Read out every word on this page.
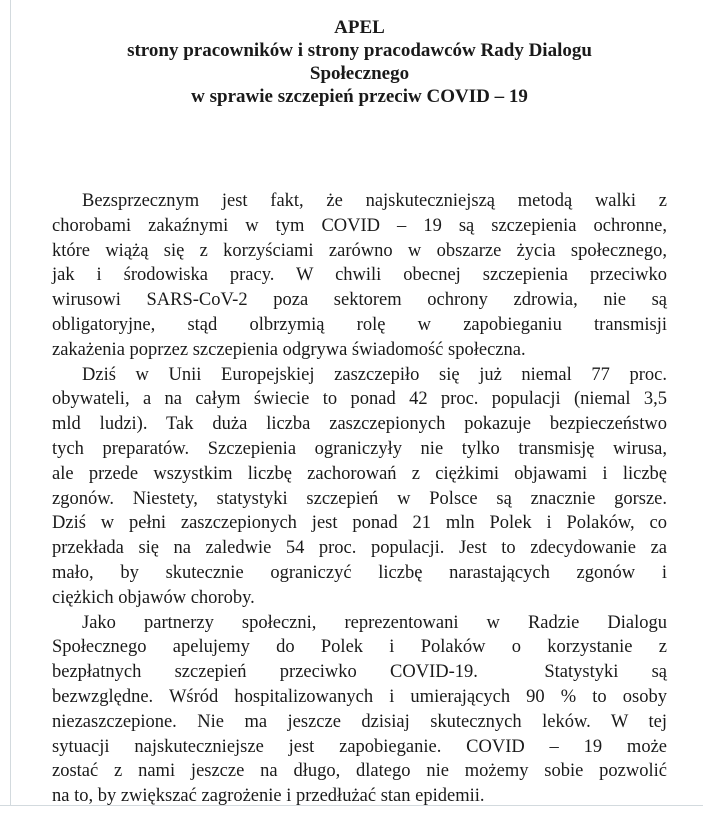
APEL
strony pracowników i strony pracodawców Rady Dialogu
Społecznego
w sprawie szczepień przeciw COVID – 19
Bezsprzecznym jest fakt, że najskuteczniejszą metodą walki z
chorobami zakaźnymi w tym COVID – 19 są szczepienia ochronne,
które wiążą się z korzyściami zarówno w obszarze życia społecznego,
jak i środowiska pracy. W chwili obecnej szczepienia przeciwko
wirusowi SARS-CoV-2 poza sektorem ochrony zdrowia, nie są
obligatoryjne, stąd olbrzymią rolę w zapobieganiu transmisji
zakażenia poprzez szczepienia odgrywa świadomość społeczna.
Dziś w Unii Europejskiej zaszczepiło się już niemal 77 proc.
obywateli, a na całym świecie to ponad 42 proc. populacji (niemal 3,5
mld ludzi). Tak duża liczba zaszczepionych pokazuje bezpieczeństwo
tych preparatów. Szczepienia ograniczyły nie tylko transmisję wirusa,
ale przede wszystkim liczbę zachorowań z ciężkimi objawami i liczbę
zgonów. Niestety, statystyki szczepień w Polsce są znacznie gorsze.
Dziś w pełni zaszczepionych jest ponad 21 mln Polek i Polaków, co
przekłada się na zaledwie 54 proc. populacji. Jest to zdecydowanie za
mało, by skutecznie ograniczyć liczbę narastających zgonów i
ciężkich objawów choroby.
Jako partnerzy społeczni, reprezentowani w Radzie Dialogu
Społecznego apelujemy do Polek i Polaków o korzystanie z
bezpłatnych szczepień przeciwko COVID-19.  Statystyki są
bezwzględne. Wśród hospitalizowanych i umierających 90 % to osoby
niezaszczepione. Nie ma jeszcze dzisiaj skutecznych leków. W tej
sytuacji najskuteczniejsze jest zapobieganie. COVID – 19 może
zostać z nami jeszcze na długo, dlatego nie możemy sobie pozwolić
na to, by zwiększać zagrożenie i przedłużać stan epidemii.
